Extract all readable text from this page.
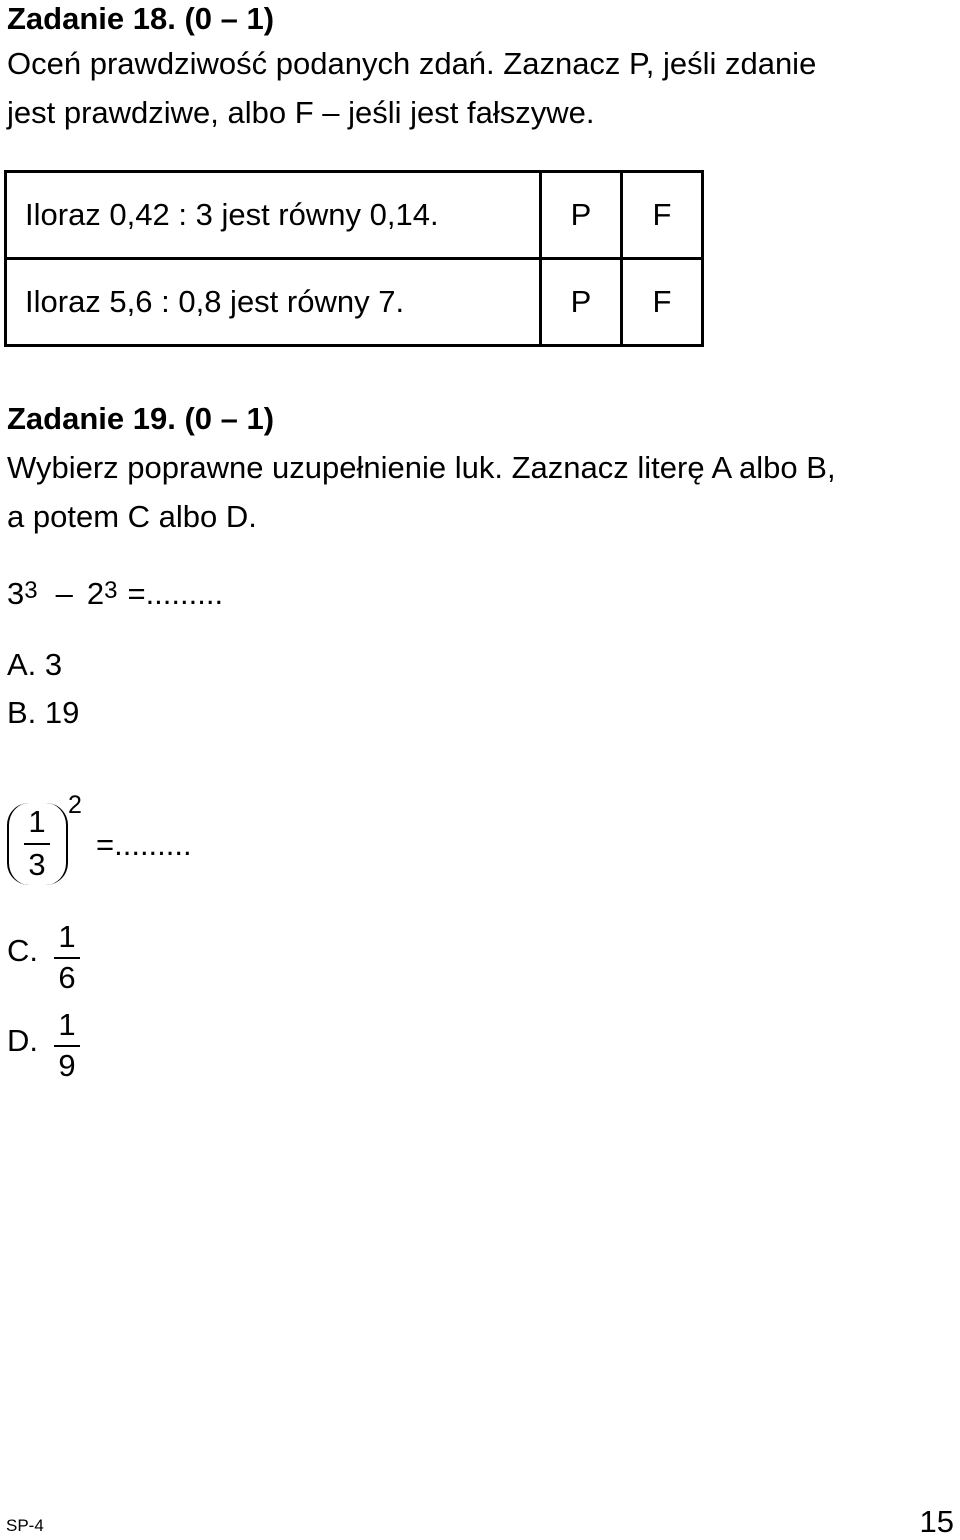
Zadanie 18. (0 – 1)
Oceń prawdziwość podanych zdań. Zaznacz P, jeśli zdanie
jest prawdziwe, albo F – jeśli jest fałszywe.
Iloraz 0,42 : 3 jest równy 0,14.	P	F
Iloraz 5,6 : 0,8 jest równy 7.	P	F
Zadanie 19. (0 – 1)
Wybierz poprawne uzupełnienie luk. Zaznacz literę A albo B,
a potem C albo D.
$3^3 - 2^3$ =.........
A. 3
B. 19
1
3
2
=.........
C. 1
6
D. 1
9
SP-4	15
